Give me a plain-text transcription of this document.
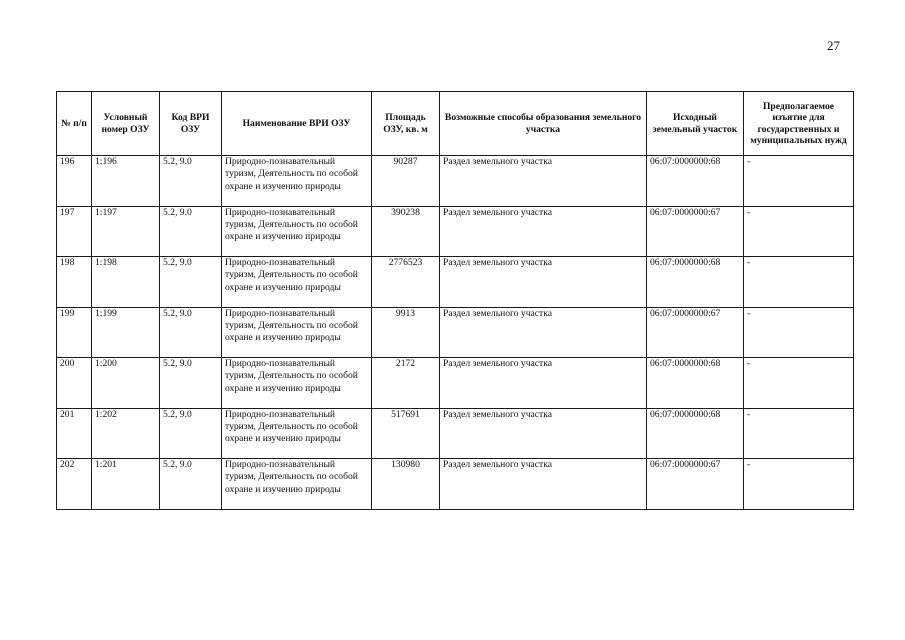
27
№ п/п	Условный номер ОЗУ	Код ВРИ ОЗУ	Наименование ВРИ ОЗУ	Площадь ОЗУ, кв. м	Возможные способы образования земельного участка	Исходный земельный участок	Предполагаемое изъятие для государственных и муниципальных нужд
196	1:196	5.2, 9.0	Природно-познавательный туризм, Деятельность по особой охране и изучению природы	90287	Раздел земельного участка	06:07:0000000:68	-
197	1:197	5.2, 9.0	Природно-познавательный туризм, Деятельность по особой охране и изучению природы	390238	Раздел земельного участка	06:07:0000000:67	-
198	1:198	5.2, 9.0	Природно-познавательный туризм, Деятельность по особой охране и изучению природы	2776523	Раздел земельного участка	06:07:0000000:68	-
199	1:199	5.2, 9.0	Природно-познавательный туризм, Деятельность по особой охране и изучению природы	9913	Раздел земельного участка	06:07:0000000:67	-
200	1:200	5.2, 9.0	Природно-познавательный туризм, Деятельность по особой охране и изучению природы	2172	Раздел земельного участка	06:07:0000000:68	-
201	1:202	5.2, 9.0	Природно-познавательный туризм, Деятельность по особой охране и изучению природы	517691	Раздел земельного участка	06:07:0000000:68	-
202	1:201	5.2, 9.0	Природно-познавательный туризм, Деятельность по особой охране и изучению природы	130980	Раздел земельного участка	06:07:0000000:67	-
